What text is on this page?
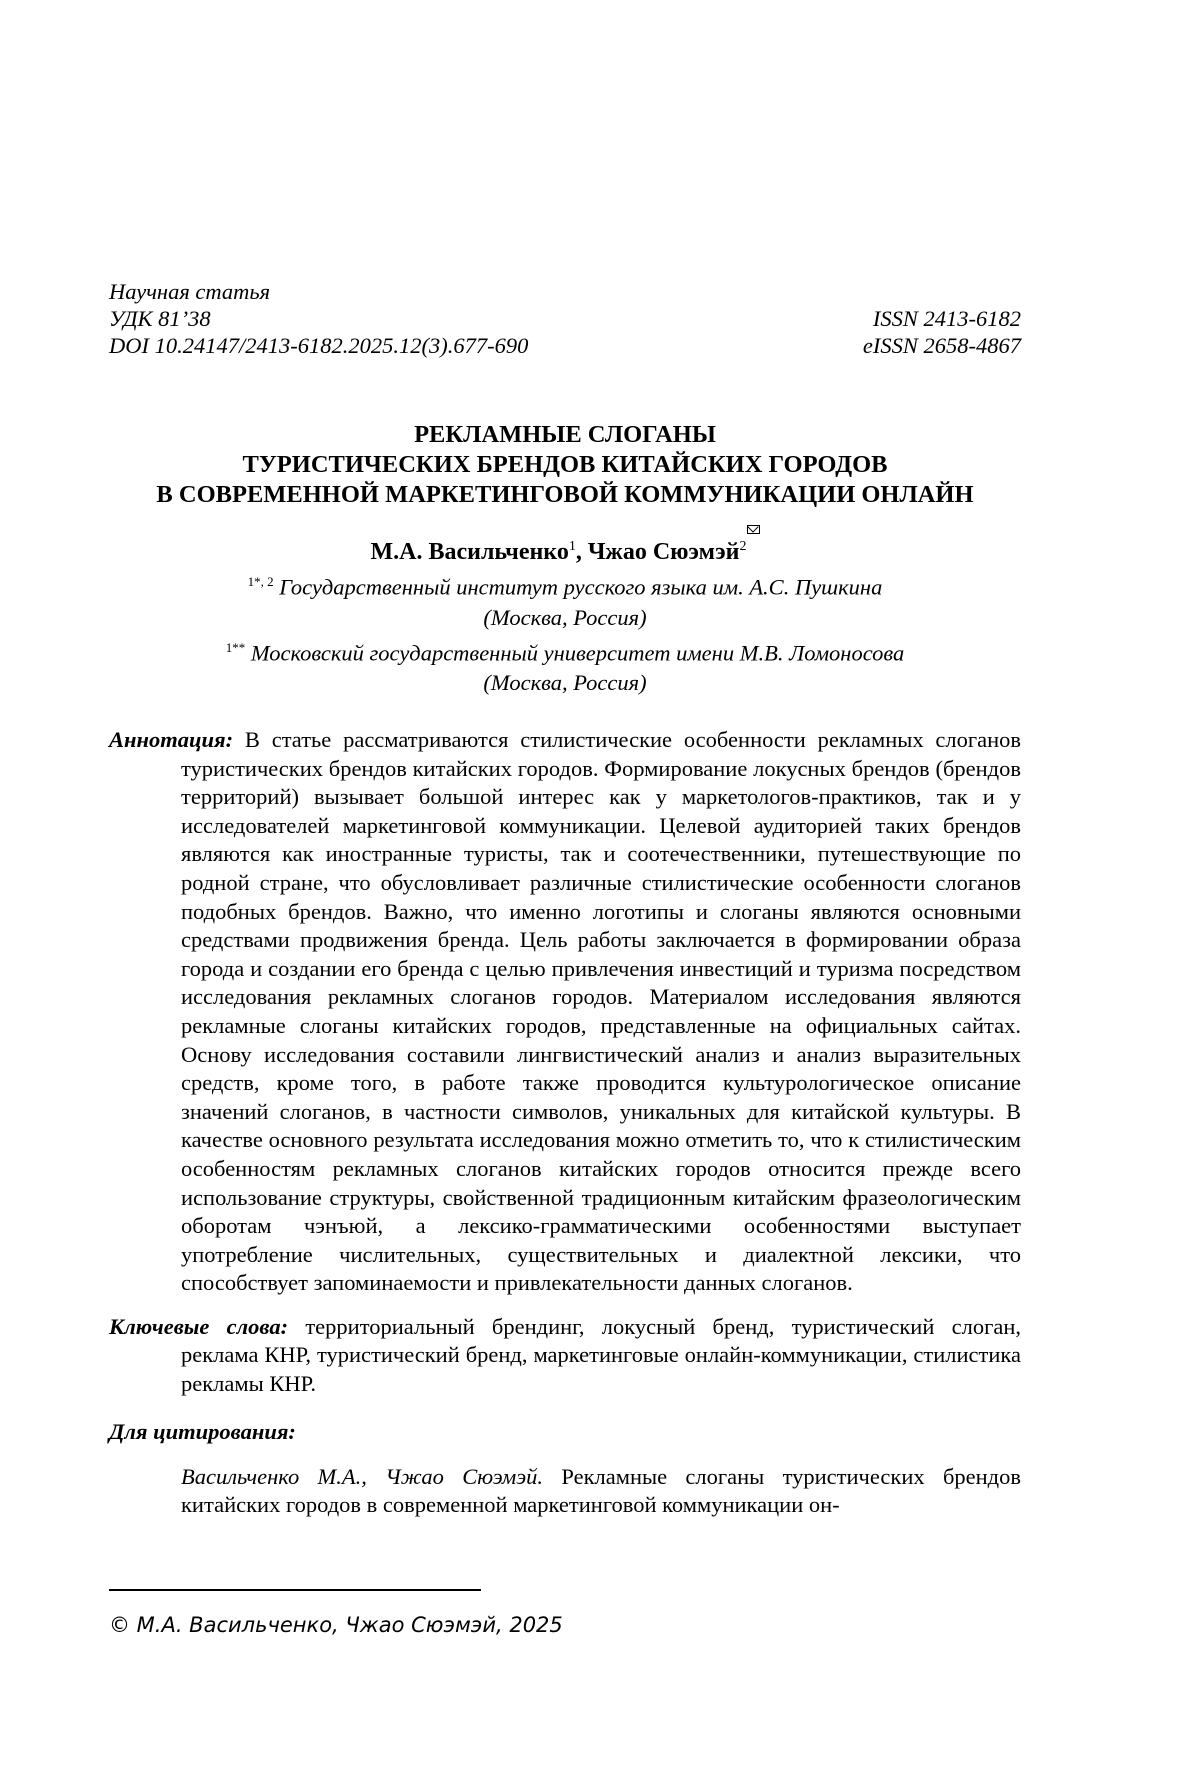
Научная статья
УДК 81’38	ISSN 2413-6182
DOI 10.24147/2413-6182.2025.12(3).677-690	eISSN 2658-4867
РЕКЛАМНЫЕ СЛОГАНЫ
ТУРИСТИЧЕСКИХ БРЕНДОВ КИТАЙСКИХ ГОРОДОВ
В СОВРЕМЕННОЙ МАРКЕТИНГОВОЙ КОММУНИКАЦИИ ОНЛАЙН
М.А. Васильченко$^1$, Чжао Сюэмэй$^2$
$^{1*, 2}$ Государственный институт русского языка им. А.С. Пушкина
(Москва, Россия)
$^{1**}$ Московский государственный университет имени М.В. Ломоносова
(Москва, Россия)
Аннотация: В статье рассматриваются стилистические особенности рекламных слоганов туристических брендов китайских городов. Формирование локусных брендов (брендов территорий) вызывает большой интерес как у маркетологов-практиков, так и у исследователей маркетинговой коммуникации. Целевой аудиторией таких брендов являются как иностранные туристы, так и соотечественники, путешествующие по родной стране, что обусловливает различные стилистические особенности слоганов подобных брендов. Важно, что именно логотипы и слоганы являются основными средствами продвижения бренда. Цель работы заключается в формировании образа города и создании его бренда с целью привлечения инвестиций и туризма посредством исследования рекламных слоганов городов. Материалом исследования являются рекламные слоганы китайских городов, представленные на официальных сайтах. Основу исследования составили лингвистический анализ и анализ выразительных средств, кроме того, в работе также проводится культурологическое описание значений слоганов, в частности символов, уникальных для китайской культуры. В качестве основного результата исследования можно отметить то, что к стилистическим особенностям рекламных слоганов китайских городов относится прежде всего использование структуры, свойственной традиционным китайским фразеологическим оборотам чэнъюй, а лексико-грамматическими особенностями выступает употребление числительных, существительных и диалектной лексики, что способствует запоминаемости и привлекательности данных слоганов.
Ключевые слова: территориальный брендинг, локусный бренд, туристический слоган, реклама КНР, туристический бренд, маркетинговые онлайн-коммуникации, стилистика рекламы КНР.
Для цитирования:
Васильченко М.А., Чжао Сюэмэй. Рекламные слоганы туристических брендов китайских городов в современной маркетинговой коммуникации он-
© М.А. Васильченко, Чжао Сюэмэй, 2025
